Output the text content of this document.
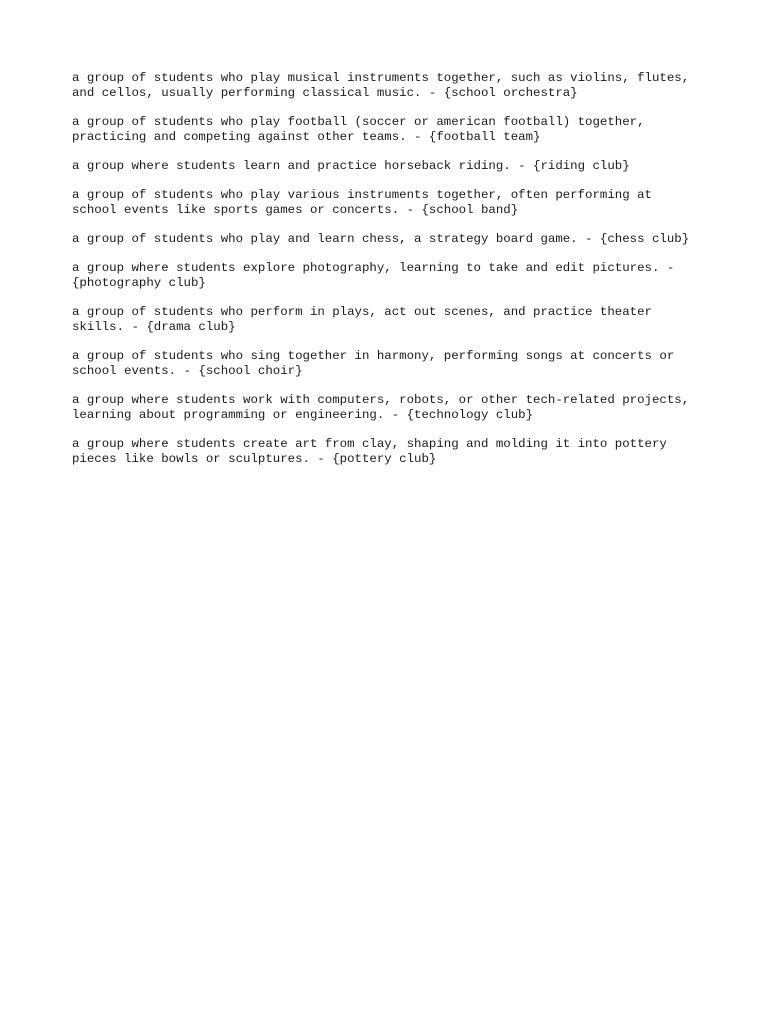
a group of students who play musical instruments together, such as violins, flutes,
and cellos, usually performing classical music. - {school orchestra}

a group of students who play football (soccer or american football) together,
practicing and competing against other teams. - {football team}

a group where students learn and practice horseback riding. - {riding club}

a group of students who play various instruments together, often performing at
school events like sports games or concerts. - {school band}

a group of students who play and learn chess, a strategy board game. - {chess club}

a group where students explore photography, learning to take and edit pictures. -
{photography club}

a group of students who perform in plays, act out scenes, and practice theater
skills. - {drama club}

a group of students who sing together in harmony, performing songs at concerts or
school events. - {school choir}

a group where students work with computers, robots, or other tech-related projects,
learning about programming or engineering. - {technology club}

a group where students create art from clay, shaping and molding it into pottery
pieces like bowls or sculptures. - {pottery club}
